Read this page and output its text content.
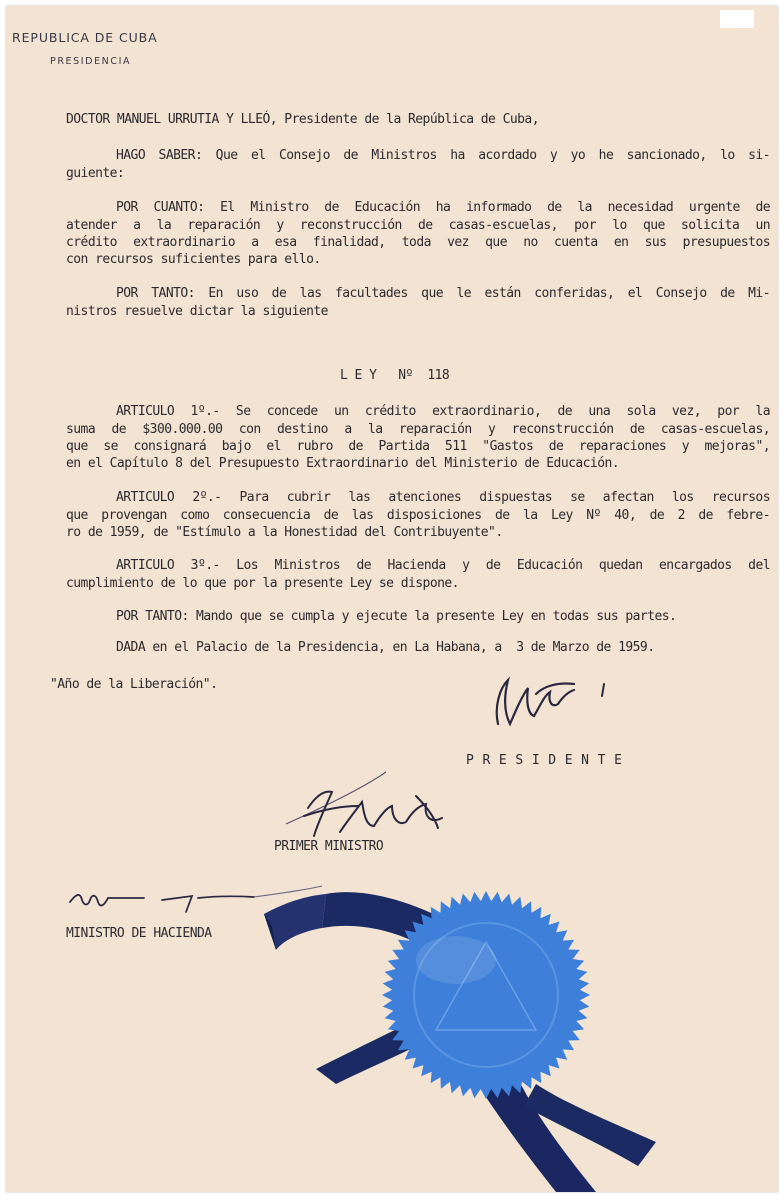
REPUBLICA DE CUBA
PRESIDENCIA
DOCTOR MANUEL URRUTIA Y LLEÓ, Presidente de la República de Cuba,
HAGO SABER: Que el Consejo de Ministros ha acordado y yo he sancionado, lo si-
guiente:
POR CUANTO: El Ministro de Educación ha informado de la necesidad urgente de
atender a la reparación y reconstrucción de casas-escuelas, por lo que solicita un
crédito extraordinario a esa finalidad, toda vez que no cuenta en sus presupuestos
con recursos suficientes para ello.
POR TANTO: En uso de las facultades que le están conferidas, el Consejo de Mi-
nistros resuelve dictar la siguiente
L E Y   Nº  118
ARTICULO 1º.- Se concede un crédito extraordinario, de una sola vez, por la
suma de $300.000.00 con destino a la reparación y reconstrucción de casas-escuelas,
que se consignará bajo el rubro de Partida 511 "Gastos de reparaciones y mejoras",
en el Capítulo 8 del Presupuesto Extraordinario del Ministerio de Educación.
ARTICULO 2º.- Para cubrir las atenciones dispuestas se afectan los recursos
que provengan como consecuencia de las disposiciones de la Ley Nº 40, de 2 de febre-
ro de 1959, de "Estímulo a la Honestidad del Contribuyente".
ARTICULO 3º.- Los Ministros de Hacienda y de Educación quedan encargados del
cumplimiento de lo que por la presente Ley se dispone.
POR TANTO: Mando que se cumpla y ejecute la presente Ley en todas sus partes.
DADA en el Palacio de la Presidencia, en La Habana, a  3 de Marzo de 1959.
"Año de la Liberación".
P R E S I D E N T E
PRIMER MINISTRO
MINISTRO DE HACIENDA
